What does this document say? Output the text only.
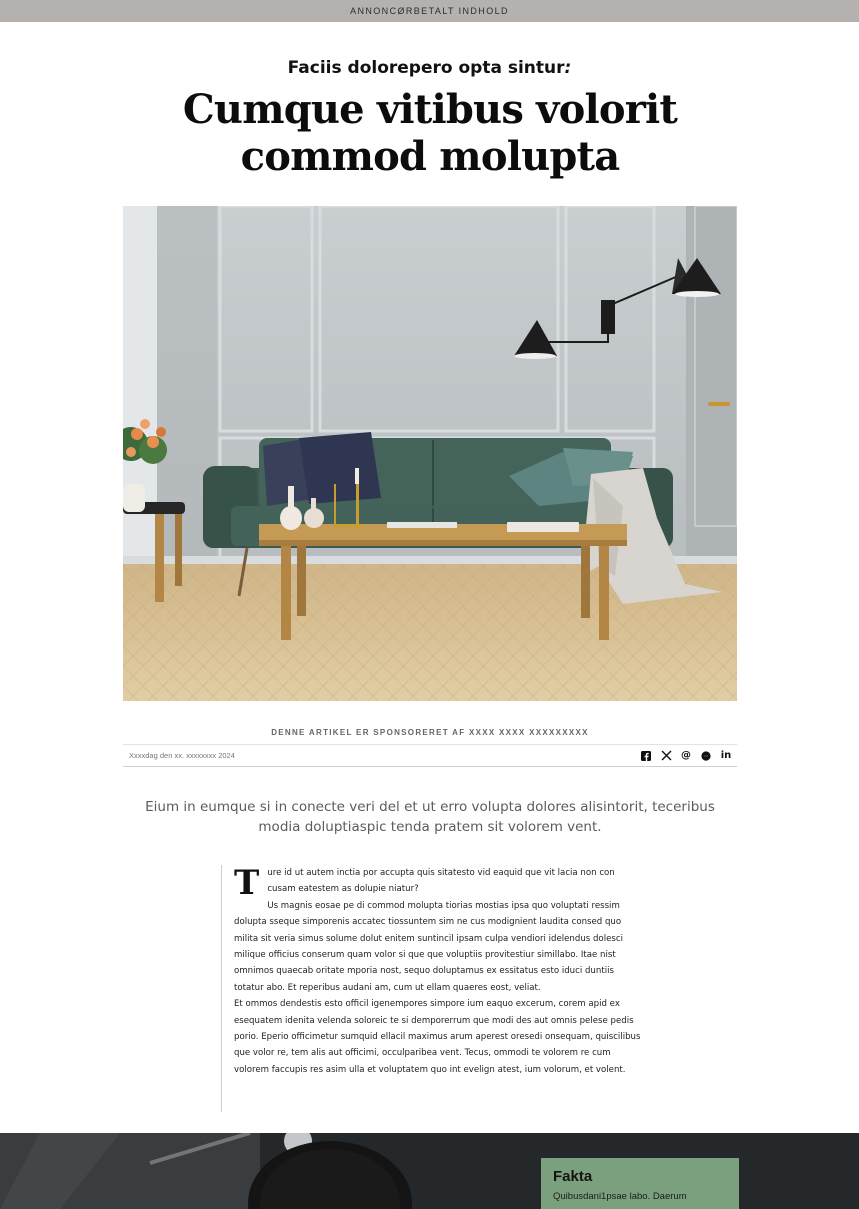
ANNONCØRBETALT INDHOLD
Faciis dolorepero opta sintur:
Cumque vitibus volorit
commod molupta
DENNE ARTIKEL ER SPONSORERET AF XXXX XXXX XXXXXXXXX
Xxxxdag den xx. xxxxxxxx 2024	@	in

Eium in eumque si in conecte veri del et ut erro volupta dolores alisintorit, teceribus modia doluptiaspic tenda pratem sit volorem vent.

T ure id ut autem inctia por accupta quis sitatesto vid eaquid que vit lacia non con cusam eatestem as dolupie niatur?

Us magnis eosae pe di commod molupta tiorias mostias ipsa quo voluptati ressim dolupta sseque simporenis accatec tiossuntem sim ne cus modignient laudita consed quo milita sit veria simus solume dolut enitem suntincil ipsam culpa vendiori idelendus dolesci milique officius conserum quam volor si que que voluptiis provitestiur simillabo. Itae nist omnimos quaecab oritate mporia nost, sequo doluptamus ex essitatus esto iduci duntiis totatur abo. Et reperibus audani am, cum ut ellam quaeres eost, veliat.

Et ommos dendestis esto officil igenempores simpore ium eaquo excerum, corem apid ex esequatem idenita velenda soloreic te si demporerrum que modi des aut omnis pelese pedis porio. Eperio officimetur sumquid ellacil maximus arum aperest oresedi onsequam, quiscilibus que volor re, tem alis aut officimi, occulparibea vent. Tecus, ommodi te volorem re cum volorem faccupis res asim ulla et voluptatem quo int evelign atest, ium volorum, et volent.

Fakta

Quibusdani1psae labo. Daerum
